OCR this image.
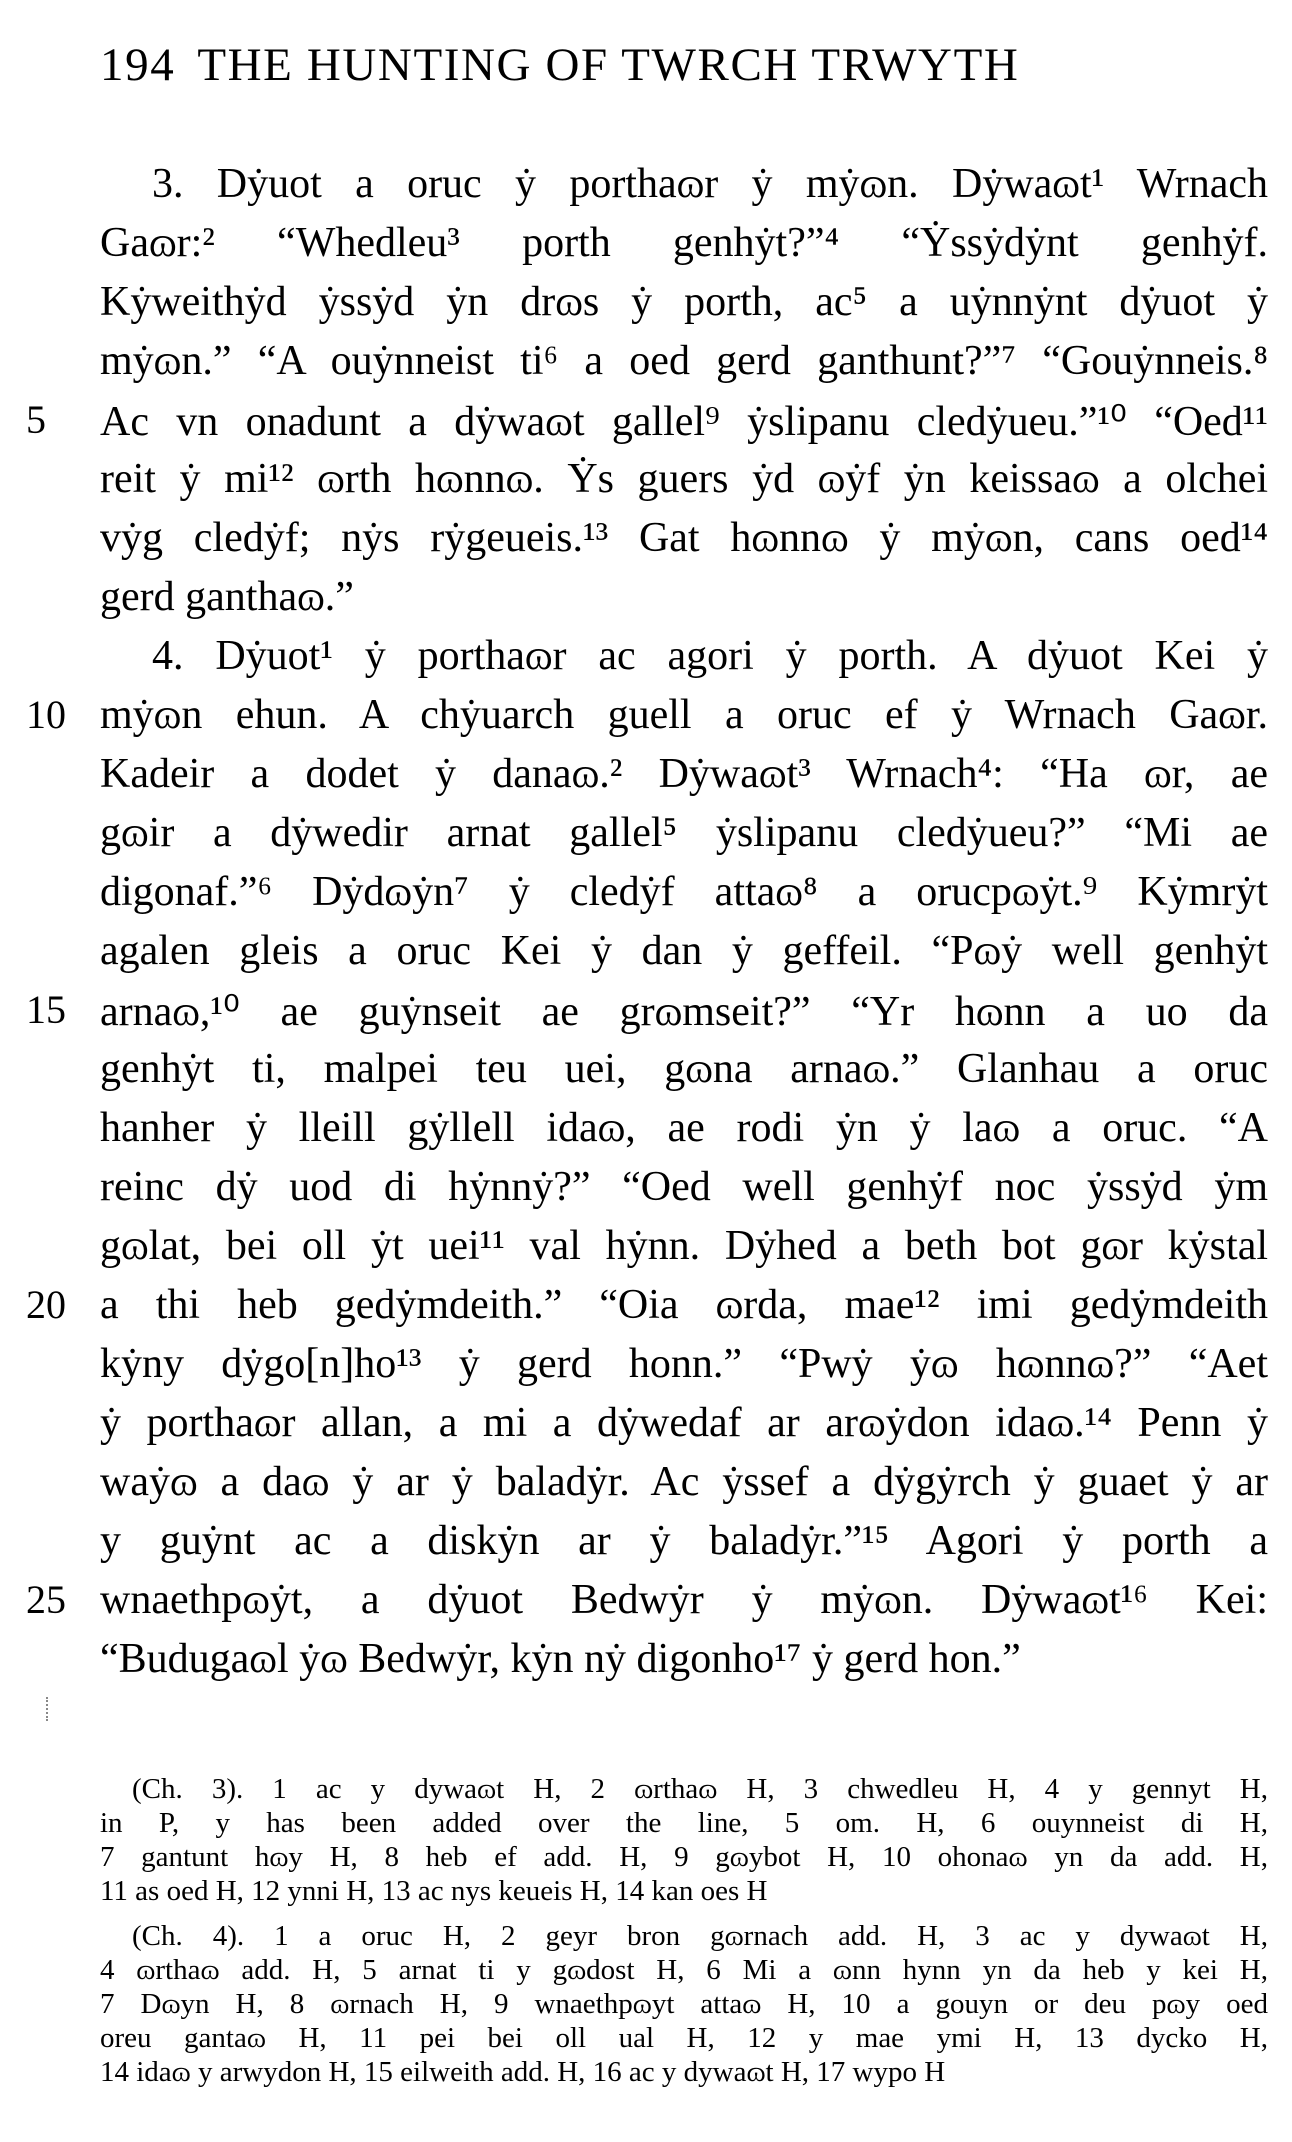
194 THE HUNTING OF TWRCH TRWYTH
3. Dẏuot a oruc ẏ porthaɷr ẏ mẏɷn. Dẏwaɷt¹ Wrnach
Gaɷr:² “Whedleu³ porth genhẏt?”⁴ “Ẏssẏdẏnt genhẏf.
Kẏweithẏd ẏssẏd ẏn drɷs ẏ porth, ac⁵ a uẏnnẏnt dẏuot ẏ
mẏɷn.” “A ouẏnneist ti⁶ a oed gerd ganthunt?”⁷ “Gouẏnneis.⁸
Ac vn onadunt a dẏwaɷt gallel⁹ ẏslipanu cledẏueu.”¹⁰ “Oed¹¹
reit ẏ mi¹² ɷrth hɷnnɷ. Ẏs guers ẏd ɷẏf ẏn keissaɷ a olchei
vẏg cledẏf; nẏs rẏgeueis.¹³ Gat hɷnnɷ ẏ mẏɷn, cans oed¹⁴
gerd ganthaɷ.”
4. Dẏuot¹ ẏ porthaɷr ac agori ẏ porth. A dẏuot Kei ẏ
mẏɷn ehun. A chẏuarch guell a oruc ef ẏ Wrnach Gaɷr.
Kadeir a dodet ẏ danaɷ.² Dẏwaɷt³ Wrnach⁴: “Ha ɷr, ae
gɷir a dẏwedir arnat gallel⁵ ẏslipanu cledẏueu?” “Mi ae
digonaf.”⁶ Dẏdɷẏn⁷ ẏ cledẏf attaɷ⁸ a orucpɷẏt.⁹ Kẏmrẏt
agalen gleis a oruc Kei ẏ dan ẏ geffeil. “Pɷẏ well genhẏt
arnaɷ,¹⁰ ae guẏnseit ae grɷmseit?” “Yr hɷnn a uo da
genhẏt ti, malpei teu uei, gɷna arnaɷ.” Glanhau a oruc
hanher ẏ lleill gẏllell idaɷ, ae rodi ẏn ẏ laɷ a oruc. “A
reinc dẏ uod di hẏnnẏ?” “Oed well genhẏf noc ẏssẏd ẏm
gɷlat, bei oll ẏt uei¹¹ val hẏnn. Dẏhed a beth bot gɷr kẏstal
a thi heb gedẏmdeith.” “Oia ɷrda, mae¹² imi gedẏmdeith
kẏny dẏgo[n]ho¹³ ẏ gerd honn.” “Pwẏ ẏɷ hɷnnɷ?” “Aet
ẏ porthaɷr allan, a mi a dẏwedaf ar arɷẏdon idaɷ.¹⁴ Penn ẏ
waẏɷ a daɷ ẏ ar ẏ baladẏr. Ac ẏssef a dẏgẏrch ẏ guaet ẏ ar
y guẏnt ac a diskẏn ar ẏ baladẏr.”¹⁵ Agori ẏ porth a
wnaethpɷẏt, a dẏuot Bedwẏr ẏ mẏɷn. Dẏwaɷt¹⁶ Kei:
“Budugaɷl ẏɷ Bedwẏr, kẏn nẏ digonho¹⁷ ẏ gerd hon.”
5
10
15
20
25
(Ch. 3). 1 ac y dywaɷt H, 2 ɷrthaɷ H, 3 chwedleu H, 4 y gennyt H,
in P, y has been added over the line, 5 om. H, 6 ouynneist di H,
7 gantunt hɷy H, 8 heb ef add. H, 9 gɷybot H, 10 ohonaɷ yn da add. H,
11 as oed H, 12 ynni H, 13 ac nys keueis H, 14 kan oes H
(Ch. 4). 1 a oruc H, 2 geyr bron gɷrnach add. H, 3 ac y dywaɷt H,
4 ɷrthaɷ add. H, 5 arnat ti y gɷdost H, 6 Mi a ɷnn hynn yn da heb y kei H,
7 Dɷyn H, 8 ɷrnach H, 9 wnaethpɷyt attaɷ H, 10 a gouyn or deu pɷy oed
oreu gantaɷ H, 11 pei bei oll ual H, 12 y mae ymi H, 13 dycko H,
14 idaɷ y arwydon H, 15 eilweith add. H, 16 ac y dywaɷt H, 17 wypo H
